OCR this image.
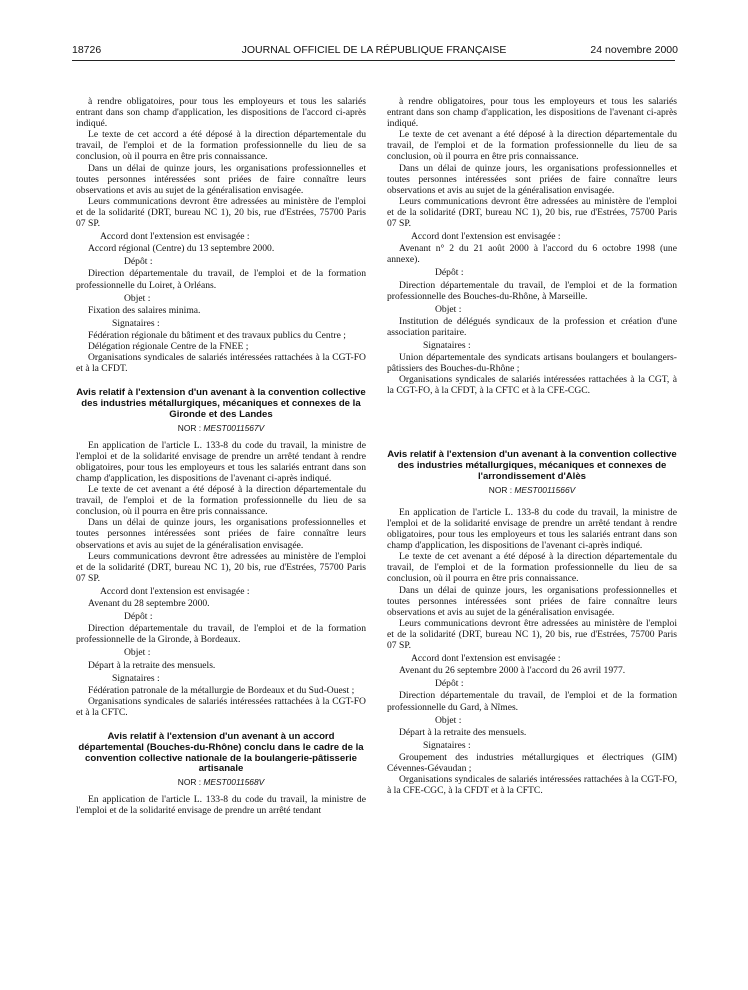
18726	JOURNAL OFFICIEL DE LA RÉPUBLIQUE FRANÇAISE	24 novembre 2000

à rendre obligatoires, pour tous les employeurs et tous les salariés entrant dans son champ d'application, les dispositions de l'accord ci-après indiqué.

Le texte de cet accord a été déposé à la direction départementale du travail, de l'emploi et de la formation professionnelle du lieu de sa conclusion, où il pourra en être pris connaissance.

Dans un délai de quinze jours, les organisations professionnelles et toutes personnes intéressées sont priées de faire connaître leurs observations et avis au sujet de la généralisation envisagée.

Leurs communications devront être adressées au ministère de l'emploi et de la solidarité (DRT, bureau NC 1), 20 bis, rue d'Estrées, 75700 Paris 07 SP.

Accord dont l'extension est envisagée :

Accord régional (Centre) du 13 septembre 2000.

Dépôt :

Direction départementale du travail, de l'emploi et de la formation professionnelle du Loiret, à Orléans.

Objet :

Fixation des salaires minima.

Signataires :

Fédération régionale du bâtiment et des travaux publics du Centre ;

Délégation régionale Centre de la FNEE ;

Organisations syndicales de salariés intéressées rattachées à la CGT-FO et à la CFDT.

Avis relatif à l'extension d'un avenant à la convention collective des industries métallurgiques, mécaniques et connexes de la Gironde et des Landes
NOR : MEST0011567V

En application de l'article L. 133-8 du code du travail, la ministre de l'emploi et de la solidarité envisage de prendre un arrêté tendant à rendre obligatoires, pour tous les employeurs et tous les salariés entrant dans son champ d'application, les dispositions de l'avenant ci-après indiqué.

Le texte de cet avenant a été déposé à la direction départementale du travail, de l'emploi et de la formation professionnelle du lieu de sa conclusion, où il pourra en être pris connaissance.

Dans un délai de quinze jours, les organisations professionnelles et toutes personnes intéressées sont priées de faire connaître leurs observations et avis au sujet de la généralisation envisagée.

Leurs communications devront être adressées au ministère de l'emploi et de la solidarité (DRT, bureau NC 1), 20 bis, rue d'Estrées, 75700 Paris 07 SP.

Accord dont l'extension est envisagée :

Avenant du 28 septembre 2000.

Dépôt :

Direction départementale du travail, de l'emploi et de la formation professionnelle de la Gironde, à Bordeaux.

Objet :

Départ à la retraite des mensuels.

Signataires :

Fédération patronale de la métallurgie de Bordeaux et du Sud-Ouest ;

Organisations syndicales de salariés intéressées rattachées à la CGT-FO et à la CFTC.

Avis relatif à l'extension d'un avenant à un accord départemental (Bouches-du-Rhône) conclu dans le cadre de la convention collective nationale de la boulangerie-pâtisserie artisanale
NOR : MEST0011568V

En application de l'article L. 133-8 du code du travail, la ministre de l'emploi et de la solidarité envisage de prendre un arrêté tendant

à rendre obligatoires, pour tous les employeurs et tous les salariés entrant dans son champ d'application, les dispositions de l'avenant ci-après indiqué.

Le texte de cet avenant a été déposé à la direction départementale du travail, de l'emploi et de la formation professionnelle du lieu de sa conclusion, où il pourra en être pris connaissance.

Dans un délai de quinze jours, les organisations professionnelles et toutes personnes intéressées sont priées de faire connaître leurs observations et avis au sujet de la généralisation envisagée.

Leurs communications devront être adressées au ministère de l'emploi et de la solidarité (DRT, bureau NC 1), 20 bis, rue d'Estrées, 75700 Paris 07 SP.

Accord dont l'extension est envisagée :

Avenant n° 2 du 21 août 2000 à l'accord du 6 octobre 1998 (une annexe).

Dépôt :

Direction départementale du travail, de l'emploi et de la formation professionnelle des Bouches-du-Rhône, à Marseille.

Objet :

Institution de délégués syndicaux de la profession et création d'une association paritaire.

Signataires :

Union départementale des syndicats artisans boulangers et boulangers-pâtissiers des Bouches-du-Rhône ;

Organisations syndicales de salariés intéressées rattachées à la CGT, à la CGT-FO, à la CFDT, à la CFTC et à la CFE-CGC.

Avis relatif à l'extension d'un avenant à la convention collective des industries métallurgiques, mécaniques et connexes de l'arrondissement d'Alès
NOR : MEST0011566V

En application de l'article L. 133-8 du code du travail, la ministre de l'emploi et de la solidarité envisage de prendre un arrêté tendant à rendre obligatoires, pour tous les employeurs et tous les salariés entrant dans son champ d'application, les dispositions de l'avenant ci-après indiqué.

Le texte de cet avenant a été déposé à la direction départementale du travail, de l'emploi et de la formation professionnelle du lieu de sa conclusion, où il pourra en être pris connaissance.

Dans un délai de quinze jours, les organisations professionnelles et toutes personnes intéressées sont priées de faire connaître leurs observations et avis au sujet de la généralisation envisagée.

Leurs communications devront être adressées au ministère de l'emploi et de la solidarité (DRT, bureau NC 1), 20 bis, rue d'Estrées, 75700 Paris 07 SP.

Accord dont l'extension est envisagée :

Avenant du 26 septembre 2000 à l'accord du 26 avril 1977.

Dépôt :

Direction départementale du travail, de l'emploi et de la formation professionnelle du Gard, à Nîmes.

Objet :

Départ à la retraite des mensuels.

Signataires :

Groupement des industries métallurgiques et électriques (GIM) Cévennes-Gévaudan ;

Organisations syndicales de salariés intéressées rattachées à la CGT-FO, à la CFE-CGC, à la CFDT et à la CFTC.
